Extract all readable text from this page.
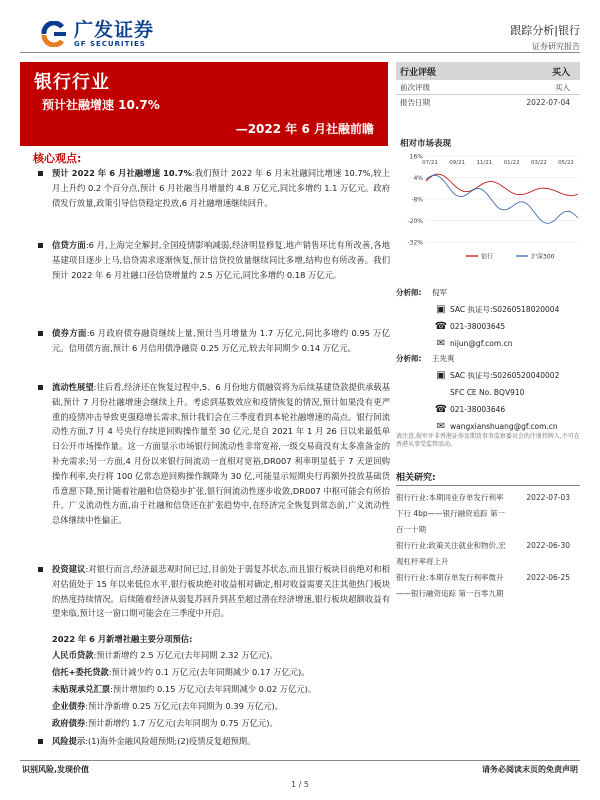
广发证券
GF SECURITIES
跟踪分析|银行
证券研究报告
银行行业
预计社融增速 10.7%
—2022 年 6 月社融前瞻
行业评级	买入
前次评级	买入
报告日期	2022-07-04
相对市场表现
16%
4%
-8%
-20%
-32%
07/21 09/21 11/21 01/22 03/22 05/22
银行	沪深300
核心观点:

预计 2022 年 6 月社融增速 10.7%:我们预计 2022 年 6 月末社融同比增速 10.7%,较上月上升约 0.2 个百分点,预计 6 月社融当月增量约 4.8 万亿元,同比多增约 1.1 万亿元。政府债发行放量,政策引导信贷稳定投放,6 月社融增速继续回升。

信贷方面:6 月,上海完全解封,全国疫情影响减弱,经济明显修复,地产销售环比有所改善,各地基建项目逐步上马,信贷需求逐渐恢复,预计信贷投放量继续同比多增,结构也有所改善。我们预计 2022 年 6 月社融口径信贷增量约 2.5 万亿元,同比多增约 0.18 万亿元。

债券方面:6 月政府债券融资继续上量,预计当月增量为 1.7 万亿元,同比多增约 0.95 万亿元。信用债方面,预计 6 月信用债净融资 0.25 万亿元,较去年同期少 0.14 万亿元。

流动性展望:往后看,经济还在恢复过程中,5、6 月份地方债融资将为后续基建贷款提供承载基础,预计 7 月份社融增速会继续上升。考虑到基数效应和疫情恢复的情况,预计如果没有更严重的疫情冲击导致更强稳增长需求,预计我们会在三季度看到本轮社融增速的高点。银行间流动性方面,7 月 4 号央行存续逆回购操作量至 30 亿元,是自 2021 年 1 月 26 日以来最低单日公开市场操作量。这一方面显示市场银行间流动性非常宽裕,一级交易商没有太多准备金的补充需求;另一方面,4 月份以来银行间流动一直相对宽裕,DR007 利率明显低于 7 天逆回购操作利率,央行将 100 亿常态逆回购操作额降为 30 亿,可能显示短期央行再额外投放基础货币意愿下降,预计随着社融和信贷稳步扩张,银行间流动性逐步收敛,DR007 中枢可能会有所抬升。广义流动性方面,由于社融和信贷还在扩张趋势中,在经济完全恢复到常态前,广义流动性总体继续中性偏正。

投资建议:对银行而言,经济最悲观时间已过,目前处于弱复苏状态,而且银行板块目前绝对和相对估值处于 15 年以来低位水平,银行板块绝对收益相对确定,相对收益需要关注其他热门板块的热度持续情况。后续随着经济从弱复苏回升到甚至超过潜在经济增速,银行板块超额收益有望来临,预计这一窗口期可能会在三季度中开启。

2022 年 6 月新增社融主要分项预估:
人民币贷款:预计新增约 2.5 万亿元(去年同期 2.32 万亿元)。
信托+委托贷款:预计减少约 0.1 万亿元(去年同期减少 0.17 万亿元)。
未贴现承兑汇票:预计增加约 0.15 万亿元(去年同期减少 0.02 万亿元)。
企业债券:预计净新增 0.25 万亿元(去年同期为 0.39 万亿元)。
政府债券:预计新增约 1.7 万亿元(去年同期为 0.75 万亿元)。

风险提示:(1)海外金融风险超预期;(2)疫情反复超预期。

分析师:	倪军
▣ SAC 执证号:S0260518020004
☎ 021-38003645
✉ nijun@gf.com.cn
分析师:	王先爽
▣ SAC 执证号:S0260520040002
SFC CE No. BQV910
☎ 021-38003646
✉ wangxianshuang@gf.com.cn
请注意,倪军并非香港证券及期货事务监察委员会的注册持牌人,不可在香港从事受监管活动。
相关研究:
银行行业:本期同业存单发行利率下行 4bp——银行融资追踪 第一百一十期
2022-07-03
银行行业:政策关注就业和物价,宏观杠杆率将上升
2022-06-30
银行行业:本期存单发行利率微升——银行融资追踪 第一百零九期
2022-06-25
识别风险,发现价值	请务必阅读末页的免责声明
1 / 5
